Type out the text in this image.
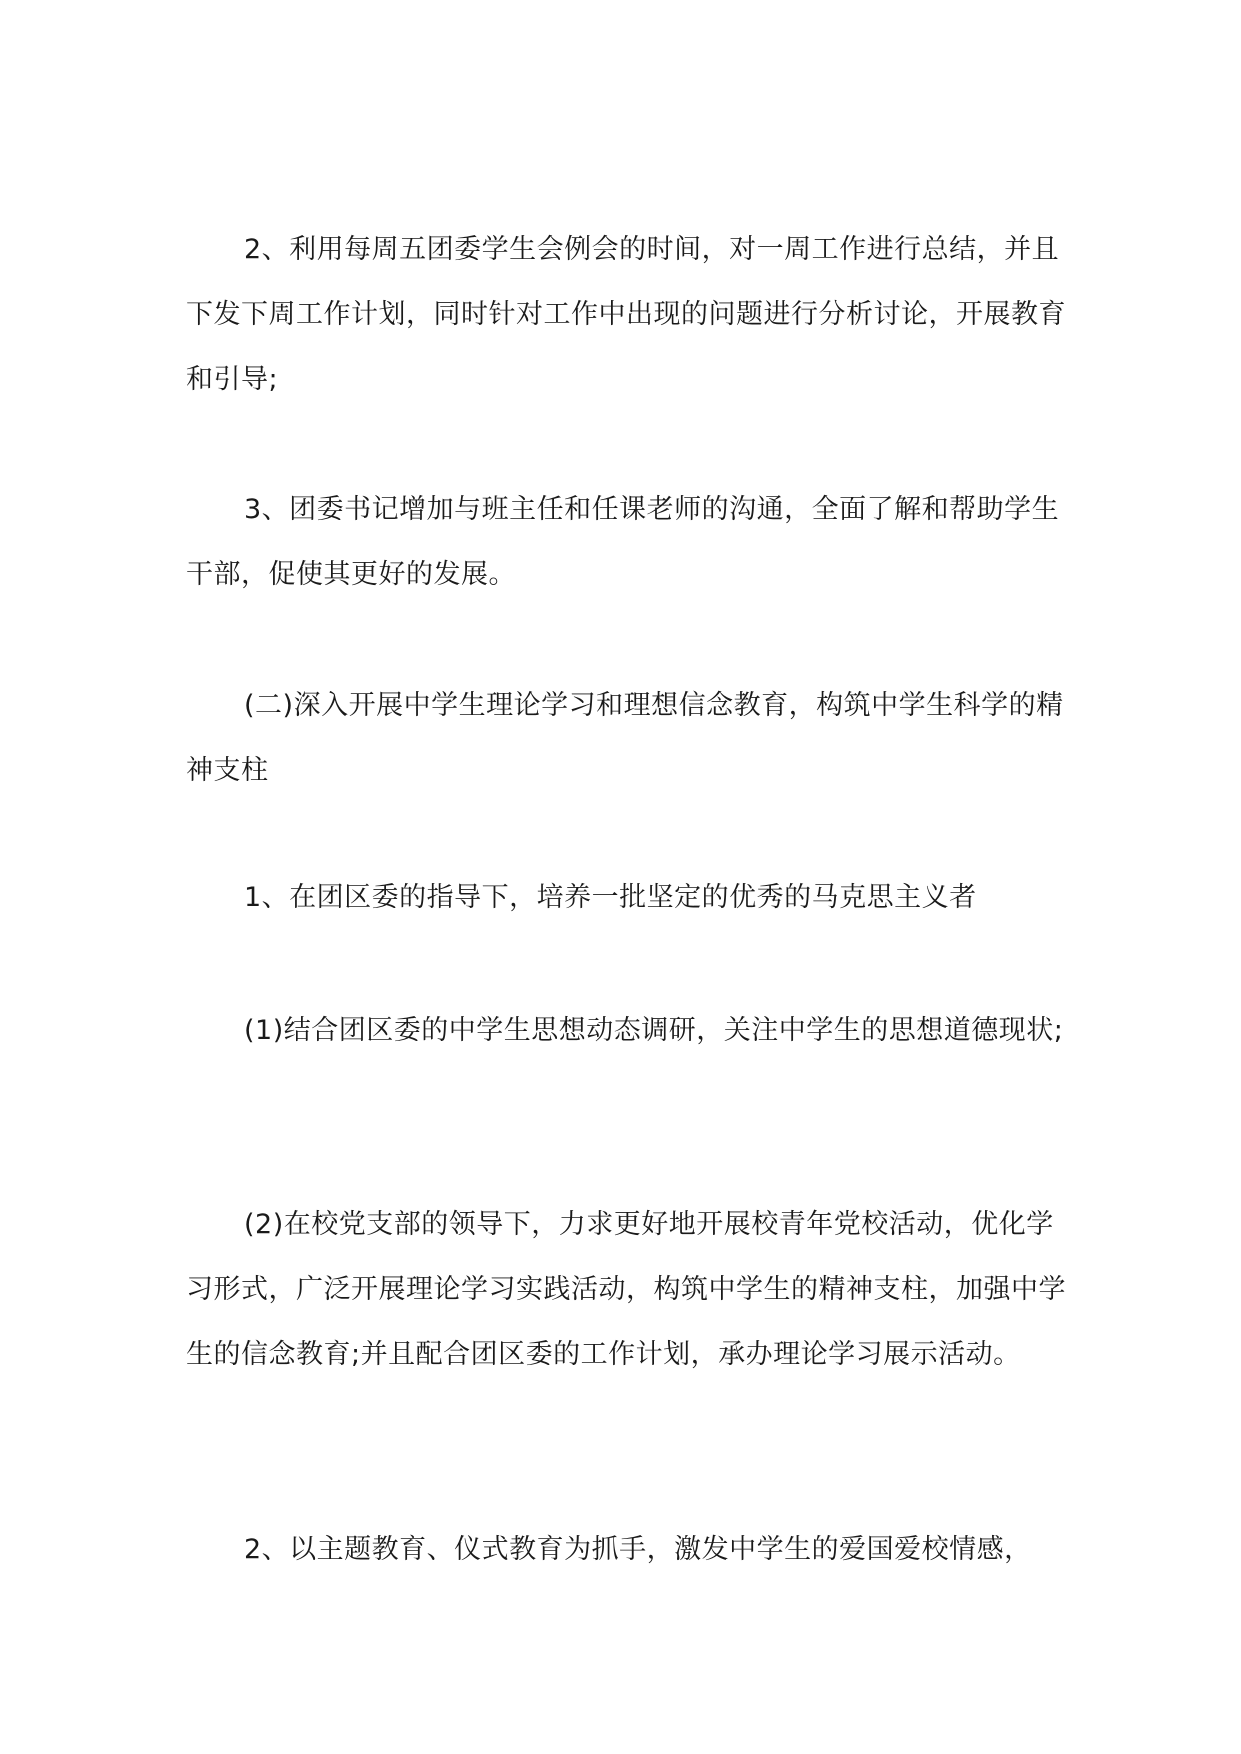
2、利用每周五团委学生会例会的时间，对一周工作进行总结，并且下发下周工作计划，同时针对工作中出现的问题进行分析讨论，开展教育和引导;

3、团委书记增加与班主任和任课老师的沟通，全面了解和帮助学生干部，促使其更好的发展。

(二)深入开展中学生理论学习和理想信念教育，构筑中学生科学的精神支柱

1、在团区委的指导下，培养一批坚定的优秀的马克思主义者

(1)结合团区委的中学生思想动态调研，关注中学生的思想道德现状;

(2)在校党支部的领导下，力求更好地开展校青年党校活动，优化学习形式，广泛开展理论学习实践活动，构筑中学生的精神支柱，加强中学生的信念教育;并且配合团区委的工作计划，承办理论学习展示活动。

2、以主题教育、仪式教育为抓手，激发中学生的爱国爱校情感，
